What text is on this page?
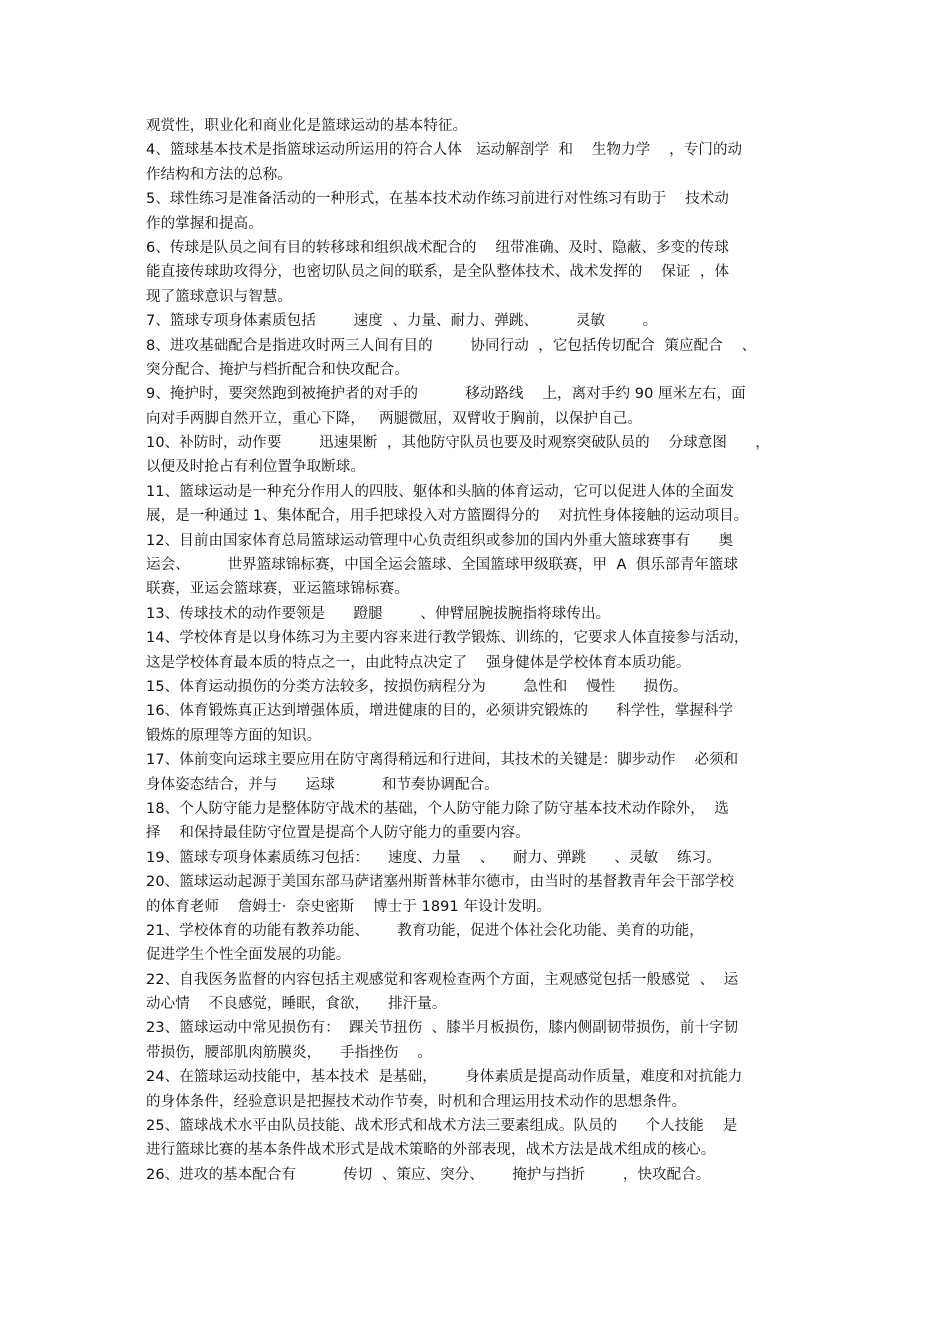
观赏性，职业化和商业化是篮球运动的基本特征。
4、篮球基本技术是指篮球运动所运用的符合人体   运动解剖学  和    生物力学    ，专门的动
作结构和方法的总称。
5、球性练习是准备活动的一种形式，在基本技术动作练习前进行对性练习有助于    技术动
作的掌握和提高。
6、传球是队员之间有目的转移球和组织战术配合的    纽带准确、及时、隐蔽、多变的传球
能直接传球助攻得分，也密切队员之间的联系，是全队整体技术、战术发挥的    保证  ，体
现了篮球意识与智慧。
7、篮球专项身体素质包括        速度  、力量、耐力、弹跳、        灵敏        。
8、进攻基础配合是指进攻时两三人间有目的        协同行动  ，它包括传切配合  策应配合    、
突分配合、掩护与档折配合和快攻配合。
9、掩护时，要突然跑到被掩护者的对手的          移动路线    上，离对手约 90 厘米左右，面
向对手两脚自然开立，重心下降，   两腿微屈，双臂收于胸前，以保护自己。
10、补防时，动作要        迅速果断  ，其他防守队员也要及时观察突破队员的    分球意图      ，
以便及时抢占有利位置争取断球。
11、篮球运动是一种充分作用人的四肢、躯体和头脑的体育运动，它可以促进人体的全面发
展，是一种通过 1、集体配合，用手把球投入对方篮圈得分的    对抗性身体接触的运动项目。
12、目前由国家体育总局篮球运动管理中心负责组织或参加的国内外重大篮球赛事有      奥
运会、        世界篮球锦标赛，中国全运会篮球、全国篮球甲级联赛，甲  A  俱乐部青年篮球
联赛，亚运会篮球赛，亚运篮球锦标赛。
13、传球技术的动作要领是      蹬腿        、伸臂屈腕拔腕指将球传出。
14、学校体育是以身体练习为主要内容来进行教学锻炼、训练的，它要求人体直接参与活动，
这是学校体育最本质的特点之一，由此特点决定了    强身健体是学校体育本质功能。
15、体育运动损伤的分类方法较多，按损伤病程分为        急性和    慢性      损伤。
16、体育锻炼真正达到增强体质，增进健康的目的，必须讲究锻炼的      科学性，掌握科学
锻炼的原理等方面的知识。
17、体前变向运球主要应用在防守离得稍远和行进间，其技术的关键是：脚步动作    必须和
身体姿态结合，并与      运球          和节奏协调配合。
18、个人防守能力是整体防守战术的基础，个人防守能力除了防守基本技术动作除外，  选
择    和保持最佳防守位置是提高个人防守能力的重要内容。
19、篮球专项身体素质练习包括：    速度、力量    、    耐力、弹跳      、灵敏    练习。
20、篮球运动起源于美国东部马萨诸塞州斯普林菲尔德市，由当时的基督教青年会干部学校
的体育老师    詹姆士·  奈史密斯    博士于 1891 年设计发明。
21、学校体育的功能有教养功能、      教育功能，促进个体社会化功能、美育的功能，
促进学生个性全面发展的功能。
22、自我医务监督的内容包括主观感觉和客观检查两个方面，主观感觉包括一般感觉  、  运
动心情    不良感觉，睡眠，食欲，    排汗量。
23、篮球运动中常见损伤有：  踝关节扭伤  、膝半月板损伤，膝内侧副韧带损伤，前十字韧
带损伤，腰部肌肉筋膜炎，    手指挫伤    。
24、在篮球运动技能中，基本技术  是基础，      身体素质是提高动作质量，难度和对抗能力
的身体条件，经验意识是把握技术动作节奏，时机和合理运用技术动作的思想条件。
25、篮球战术水平由队员技能、战术形式和战术方法三要素组成。队员的      个人技能    是
进行篮球比赛的基本条件战术形式是战术策略的外部表现，战术方法是战术组成的核心。
26、进攻的基本配合有          传切  、策应、突分、      掩护与挡折        ，快攻配合。
